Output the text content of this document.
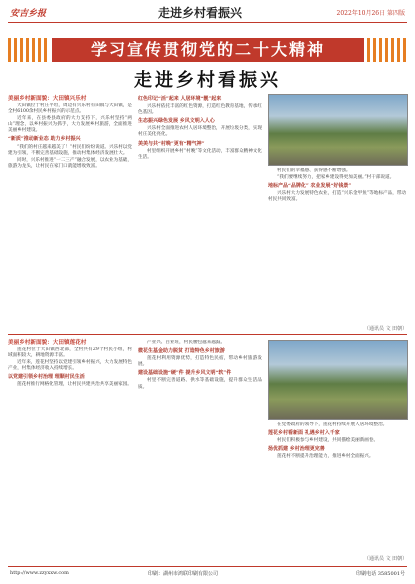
安吉乡报	走进乡村看振兴	2022年10月26日 第四版
学习宣传贯彻党的二十大精神
走进乡村看振兴
美丽乡村新面貌：大田镇兴乐村

大田镇位于村庄平坦，周边有兴乐村有田镇与大田镇，是全村6100余村民乡村振兴的示范点。

近年来，在县委县政府的大力支持下，兴乐村坚持“两山”理念，以乡村振兴为抓手，大力发展乡村旅游，全面推进美丽乡村建设。

“新质”推动新业态 助力乡村振兴

“我们的村庄越来越美了！”村民们纷纷说道。兴乐村以党建为引领，不断完善基础设施，推动村集体经济发展壮大。

同时，兴乐村推进“一二三产”融合发展，以农业为基础，旅游为龙头，让村民在家门口就能增收致富。

红色印记“活”起来 人居环境“靓”起来

兴乐村依托丰富的红色资源，打造红色教育基地，传承红色基因。

生态振兴绿色发展 乡风文明入人心

兴乐村全面推进农村人居环境整治，开展垃圾分类，实现村庄美化亮化。

美美与共“村晚”更有“精气神”

村里组织开展乡村“村晚”等文化活动，丰富群众精神文化生活。

村民们的幸福感、获得感不断增强。

“我们要继续努力，把家乡建设得更加美丽。”村干部说道。

地标产品“品牌化” 农业发展“好钱景”

兴乐村大力发展特色农业，打造“兴乐金甲鱼”等地标产品，带动村民共同致富。

（通讯员 文 田朝）
美丽乡村新面貌：大田镇莲花村

莲花村位于大田镇西北部，全村共有29个村民小组，村域面积较大，耕地资源丰富。

近年来，莲花村坚持以党建引领乡村振兴，大力发展特色产业，村集体经济收入持续增长。

以党建引领乡村治理 理顺村民生活

莲花村推行网格化管理，让村民共建共治共享美丽家园。

产业兴、百业旺，村民腰包越来越鼓。

微花生基金助力脱贫 打造特色乡村旅游

莲花村利用资源优势，打造特色民宿，带动乡村旅游发展。

建设基础设施“硬”件 提升乡风文明“软”件

村里不断完善道路、供水等基础设施，提升群众生活品质。

在党委政府的领导下，莲花村持续开展人居环境整治。

莲花乡村看新面 礼遇乡村入千家

村民们积极参与乡村建设，共同描绘美丽新画卷。

扬优抓建 乡村治理更完善

莲花村不断提升治理能力，推进乡村全面振兴。

（通讯员 文 田朝）
http://www.zzyxxw.com	印刷：湖州市鸿联印刷有限公司	印刷电话 3585001号
